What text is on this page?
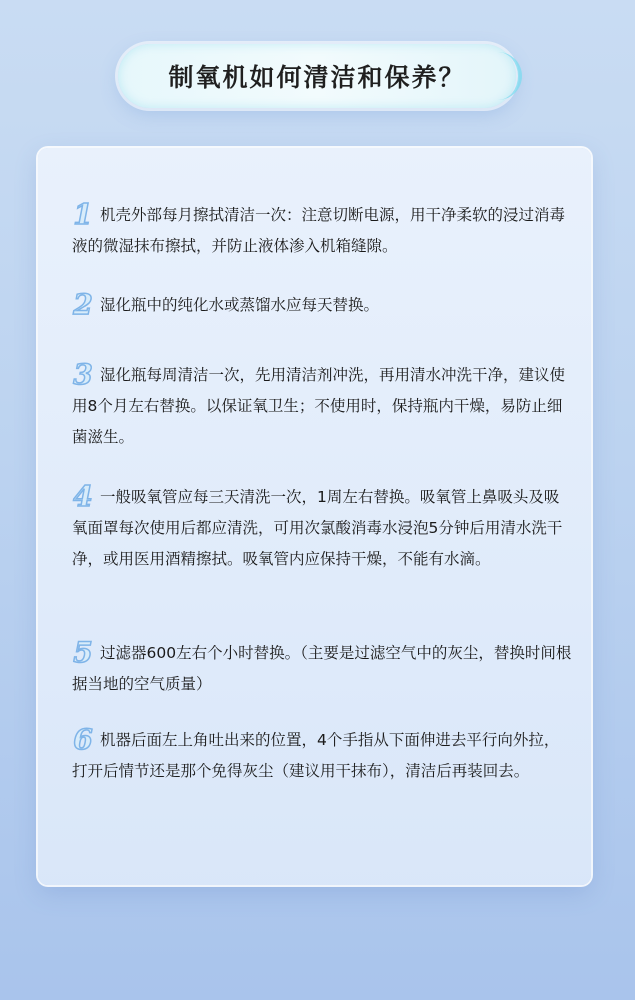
制氧机如何清洁和保养？
1 机壳外部每月擦拭清洁一次：注意切断电源，用干净柔软的浸过消毒液的微湿抹布擦拭，并防止液体渗入机箱缝隙。
2 湿化瓶中的纯化水或蒸馏水应每天替换。
3 湿化瓶每周清洁一次，先用清洁剂冲洗，再用清水冲洗干净，建议使用8个月左右替换。以保证氧卫生；不使用时，保持瓶内干燥，易防止细菌滋生。
4 一般吸氧管应每三天清洗一次，1周左右替换。吸氧管上鼻吸头及吸氧面罩每次使用后都应清洗，可用次氯酸消毒水浸泡5分钟后用清水洗干净，或用医用酒精擦拭。吸氧管内应保持干燥，不能有水滴。
5 过滤器600左右个小时替换。（主要是过滤空气中的灰尘，替换时间根据当地的空气质量）
6 机器后面左上角吐出来的位置，4个手指从下面伸进去平行向外拉，打开后情节还是那个免得灰尘（建议用干抹布），清洁后再装回去。
